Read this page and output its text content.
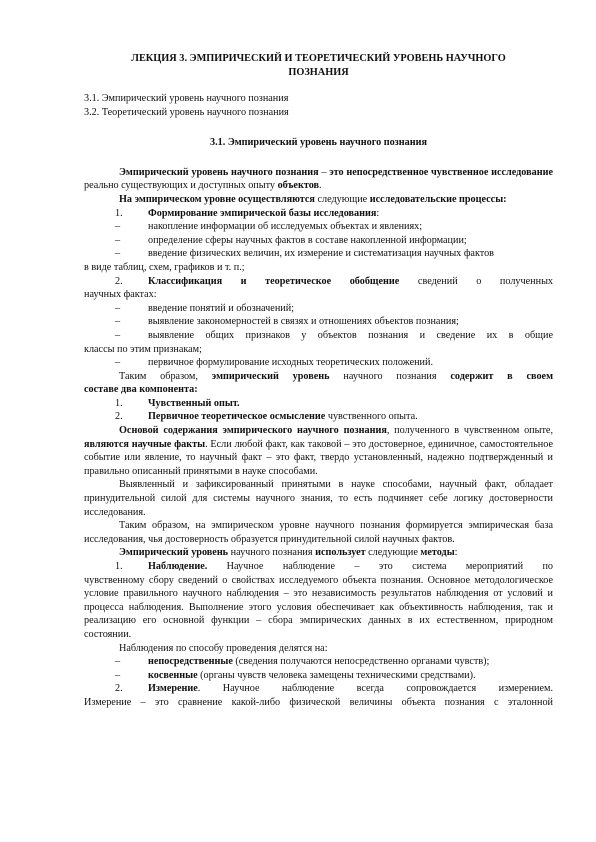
ЛЕКЦИЯ 3. ЭМПИРИЧЕСКИЙ И ТЕОРЕТИЧЕСКИЙ УРОВЕНЬ НАУЧНОГО
ПОЗНАНИЯ

3.1. Эмпирический уровень научного познания

3.2. Теоретический уровень научного познания

3.1. Эмпирический уровень научного познания

Эмпирический уровень научного познания – это непосредственное чувственное исследование реально существующих и доступных опыту объектов.

На эмпирическом уровне осуществляются следующие исследовательские процессы:

1.	Формирование эмпирической базы исследования:
–	накопление информации об исследуемых объектах и явлениях;
–	определение сферы научных фактов в составе накопленной информации;
–	введение физических величин, их измерение и систематизация научных фактов

в виде таблиц, схем, графиков и т. п.;

2.	Классификация и теоретическое обобщение сведений о полученных

научных фактах:

–	введение понятий и обозначений;
–	выявление закономерностей в связях и отношениях объектов познания;
–	выявление общих признаков у объектов познания и сведение их в общие

классы по этим признакам;

–	первичное формулирование исходных теоретических положений.

Таким образом, эмпирический уровень научного познания содержит в своем

составе два компонента:

1.	Чувственный опыт.
2.	Первичное теоретическое осмысление чувственного опыта.

Основой содержания эмпирического научного познания, полученного в чувственном опыте, являются научные факты. Если любой факт, как таковой – это достоверное, единичное, самостоятельное событие или явление, то научный факт – это факт, твердо установленный, надежно подтвержденный и правильно описанный принятыми в науке способами.

Выявленный и зафиксированный принятыми в науке способами, научный факт, обладает принудительной силой для системы научного знания, то есть подчиняет себе логику достоверности исследования.

Таким образом, на эмпирическом уровне научного познания формируется эмпирическая база исследования, чья достоверность образуется принудительной силой научных фактов.

Эмпирический уровень научного познания использует следующие методы:

1.	Наблюдение. Научное наблюдение – это система мероприятий по

чувственному сбору сведений о свойствах исследуемого объекта познания. Основное методологическое условие правильного научного наблюдения – это независимость результатов наблюдения от условий и процесса наблюдения. Выполнение этого условия обеспечивает как объективность наблюдения, так и реализацию его основной функции – сбора эмпирических данных в их естественном, природном состоянии.

Наблюдения по способу проведения делятся на:

–	непосредственные (сведения получаются непосредственно органами чувств);
–	косвенные (органы чувств человека замещены техническими средствами).
2.	Измерение. Научное наблюдение всегда сопровождается измерением.

Измерение – это сравнение какой-либо физической величины объекта познания с эталонной
